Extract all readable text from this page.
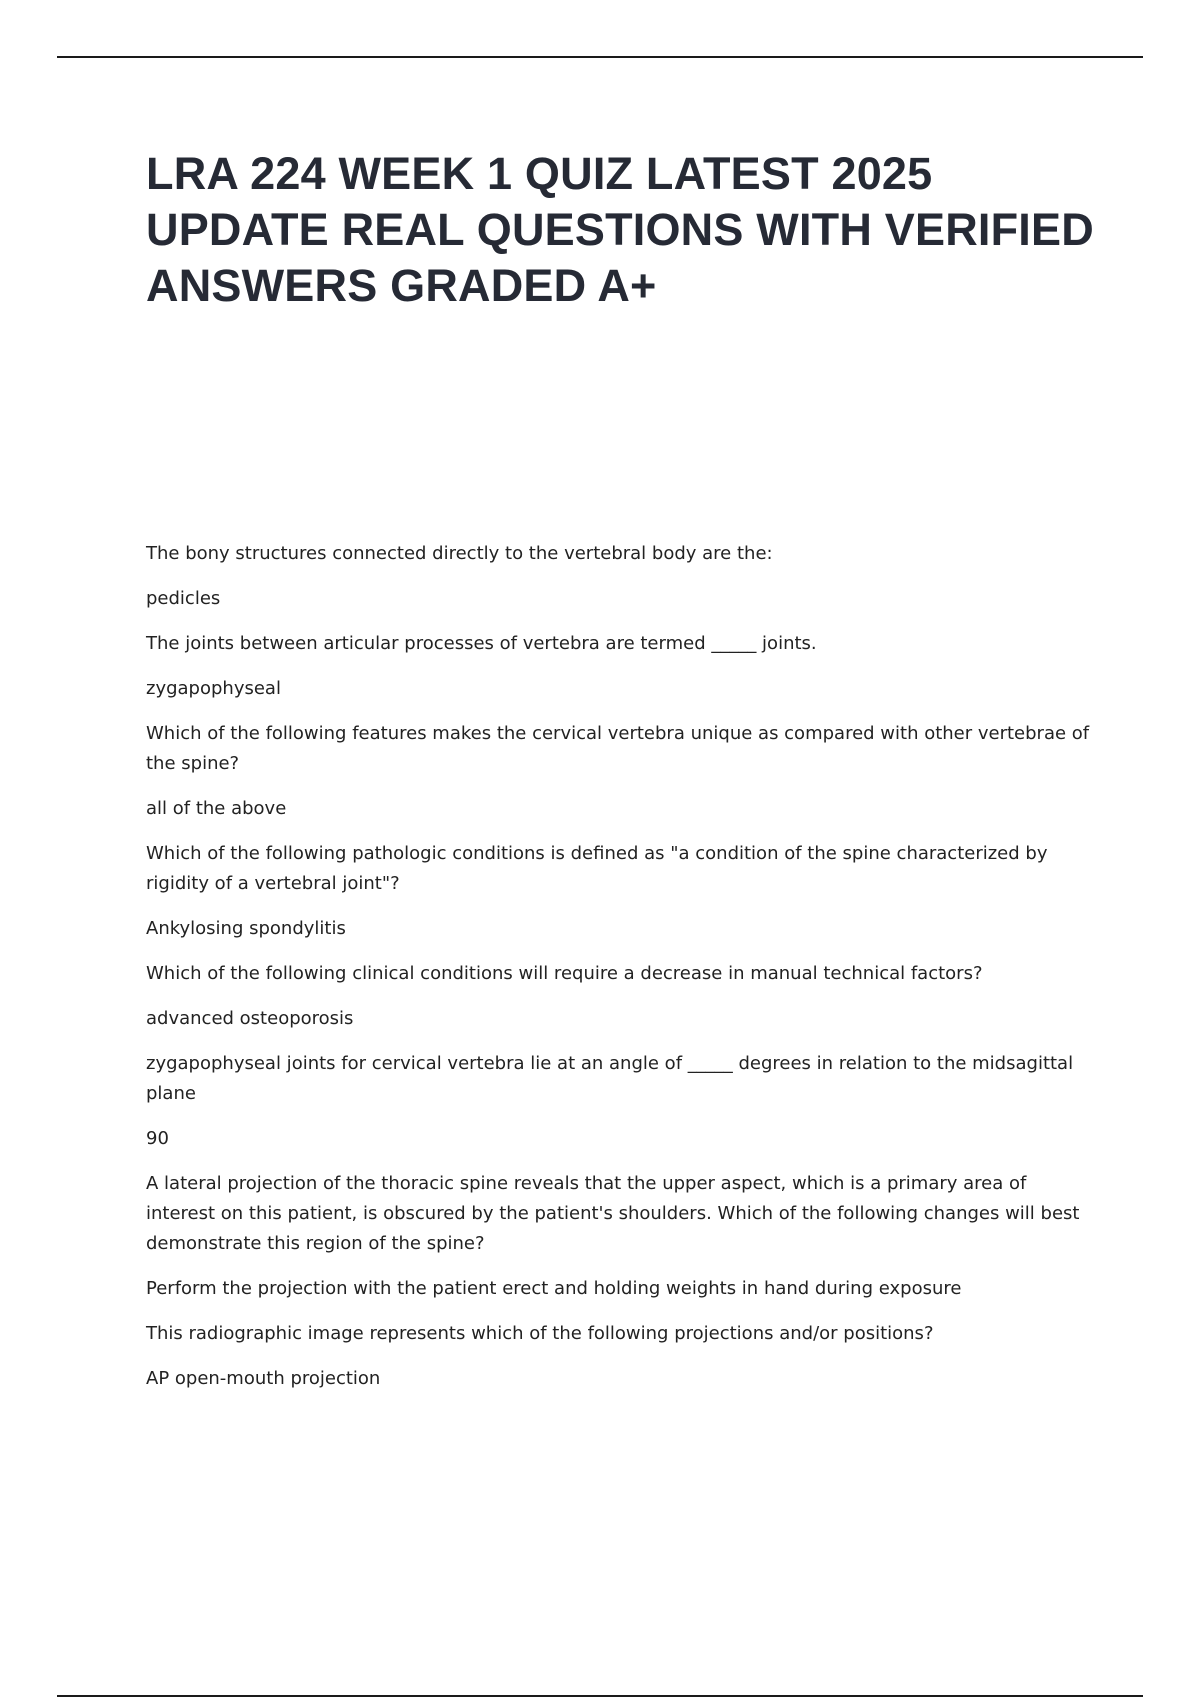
LRA 224 WEEK 1 QUIZ LATEST 2025 UPDATE REAL QUESTIONS WITH VERIFIED ANSWERS GRADED A+

The bony structures connected directly to the vertebral body are the:

pedicles

The joints between articular processes of vertebra are termed _____ joints.

zygapophyseal

Which of the following features makes the cervical vertebra unique as compared with other vertebrae of the spine?

all of the above

Which of the following pathologic conditions is defined as "a condition of the spine characterized by rigidity of a vertebral joint"?

Ankylosing spondylitis

Which of the following clinical conditions will require a decrease in manual technical factors?

advanced osteoporosis

zygapophyseal joints for cervical vertebra lie at an angle of _____ degrees in relation to the midsagittal plane

90

A lateral projection of the thoracic spine reveals that the upper aspect, which is a primary area of interest on this patient, is obscured by the patient's shoulders. Which of the following changes will best demonstrate this region of the spine?

Perform the projection with the patient erect and holding weights in hand during exposure

This radiographic image represents which of the following projections and/or positions?

AP open-mouth projection
